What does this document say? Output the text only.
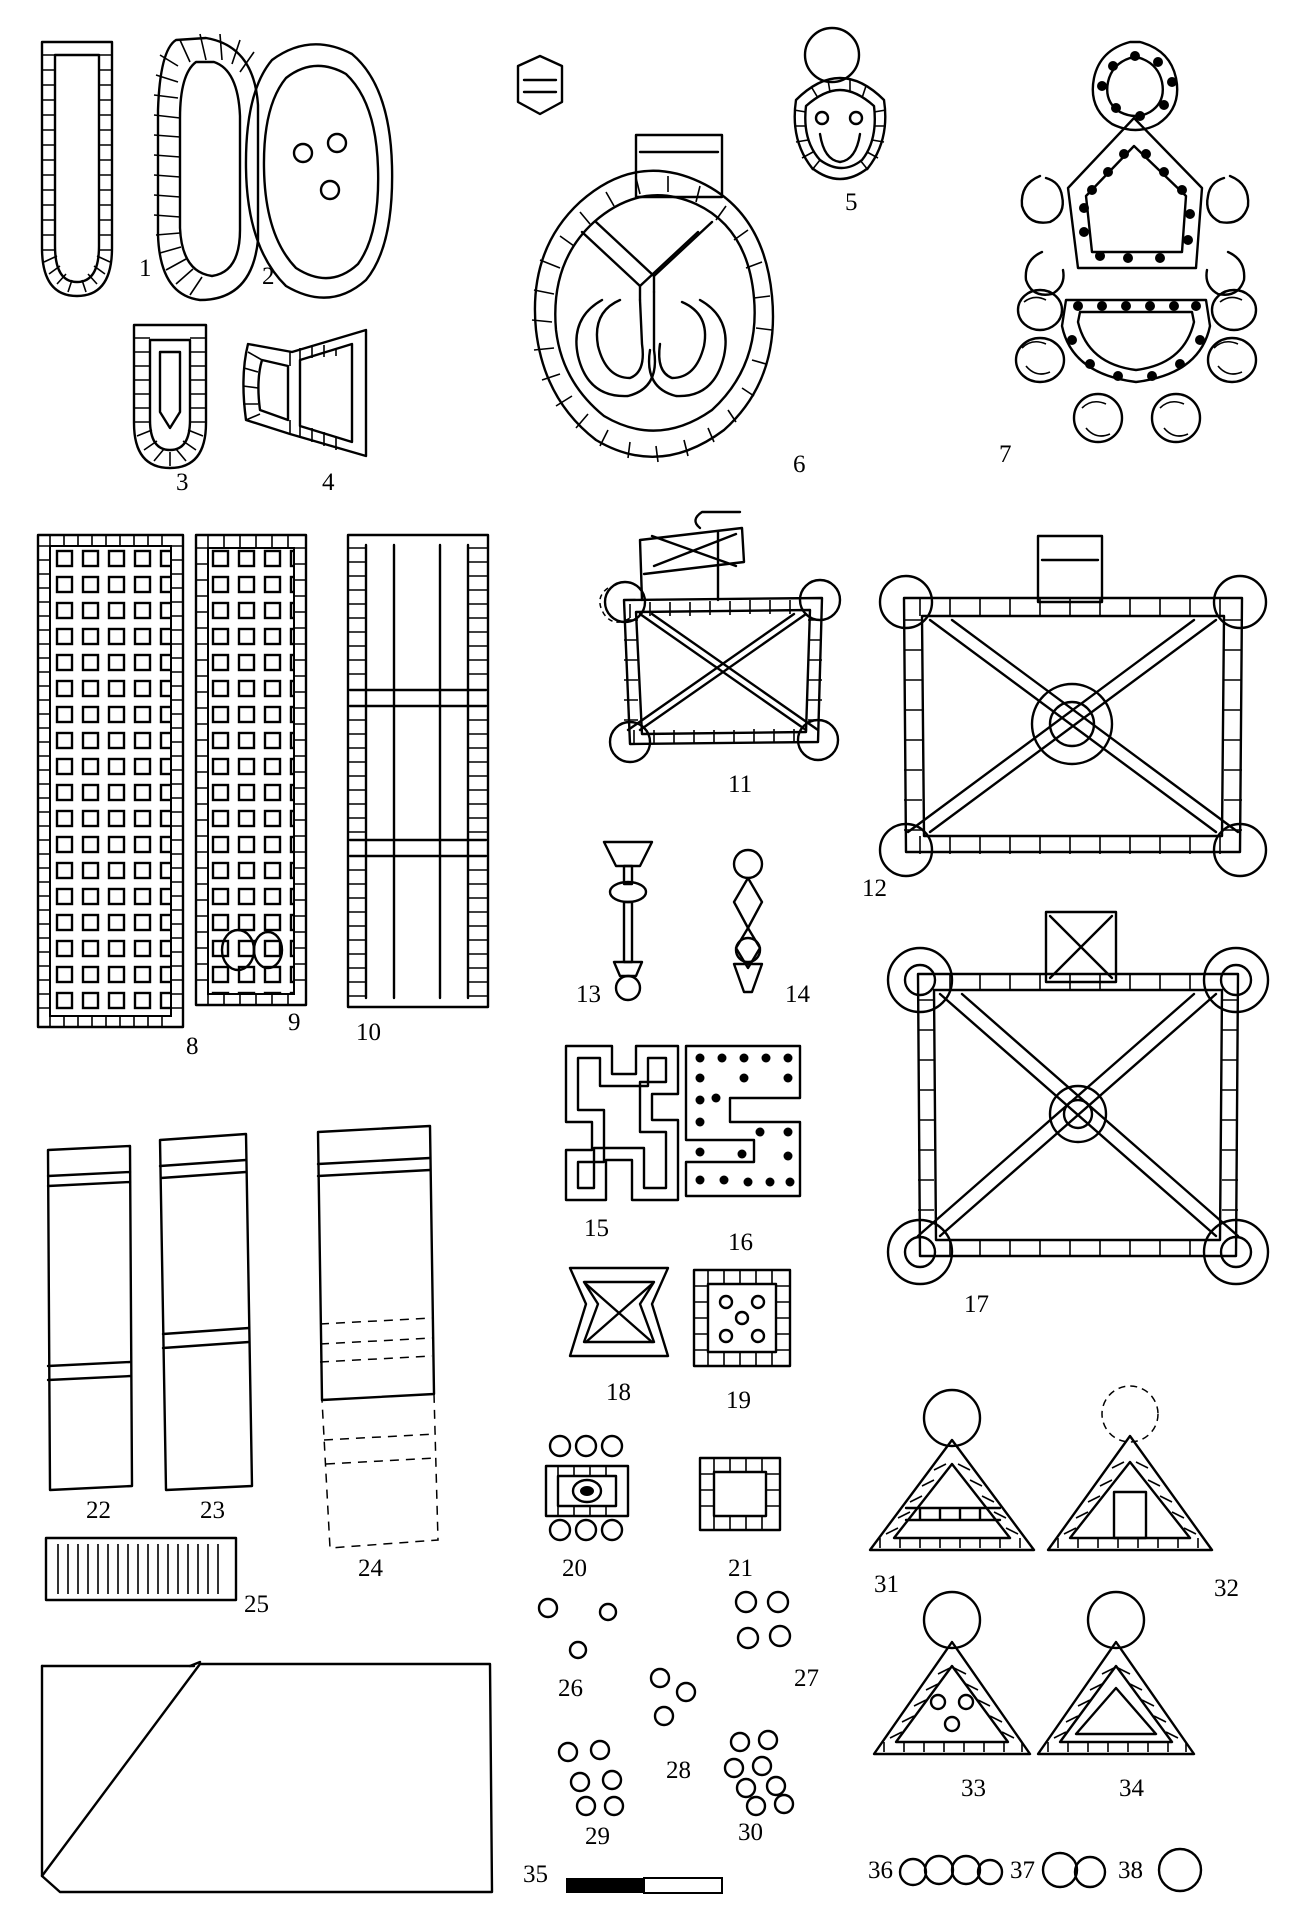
1	2
3	4
5
6	7
8
9 10
11
12
13	14
15
16
17
18	19
20	21
22	23
24
25
26	27
28
29	30
31	32
33	34
35	36	37	38
